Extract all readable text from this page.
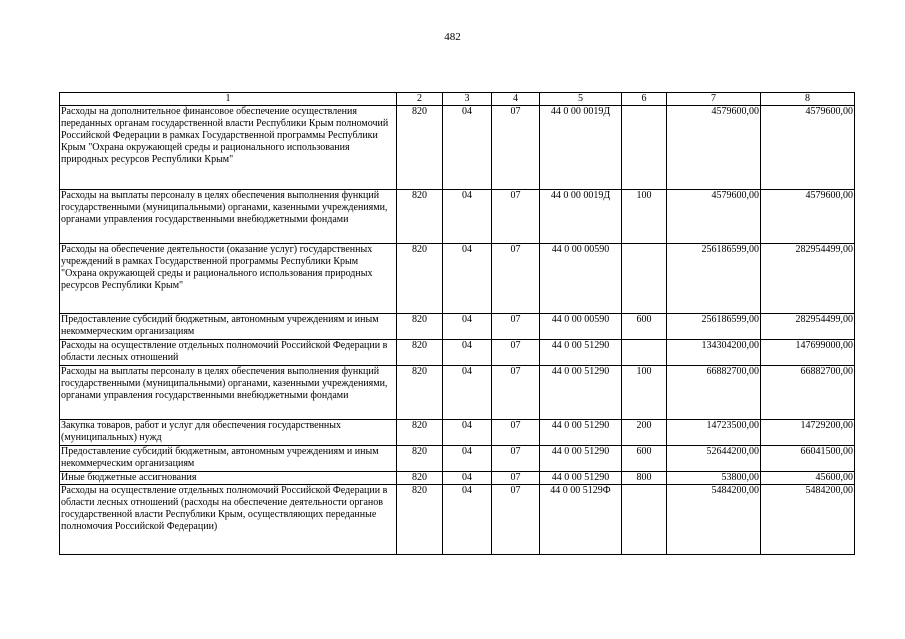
482
1	2	3	4	5	6	7	8
Расходы на дополнительное финансовое обеспечение осуществления переданных органам государственной власти Республики Крым полномочий Российской Федерации в рамках Государственной программы Республики Крым "Охрана окружающей среды и рационального использования природных ресурсов Республики Крым"	820	04	07	44 0 00 0019Д		4579600,00	4579600,00
Расходы на выплаты персоналу в целях обеспечения выполнения функций государственными (муниципальными) органами, казенными учреждениями, органами управления государственными внебюджетными фондами	820	04	07	44 0 00 0019Д	100	4579600,00	4579600,00
Расходы на обеспечение деятельности (оказание услуг) государственных учреждений в рамках Государственной программы Республики Крым "Охрана окружающей среды и рационального использования природных ресурсов Республики Крым"	820	04	07	44 0 00 00590		256186599,00	282954499,00
Предоставление субсидий бюджетным, автономным учреждениям и иным некоммерческим организациям	820	04	07	44 0 00 00590	600	256186599,00	282954499,00
Расходы на осуществление отдельных полномочий Российской Федерации в области лесных отношений	820	04	07	44 0 00 51290		134304200,00	147699000,00
Расходы на выплаты персоналу в целях обеспечения выполнения функций государственными (муниципальными) органами, казенными учреждениями, органами управления государственными внебюджетными фондами	820	04	07	44 0 00 51290	100	66882700,00	66882700,00
Закупка товаров, работ и услуг для обеспечения государственных (муниципальных) нужд	820	04	07	44 0 00 51290	200	14723500,00	14729200,00
Предоставление субсидий бюджетным, автономным учреждениям и иным некоммерческим организациям	820	04	07	44 0 00 51290	600	52644200,00	66041500,00
Иные бюджетные ассигнования	820	04	07	44 0 00 51290	800	53800,00	45600,00
Расходы на осуществление отдельных полномочий Российской Федерации в области лесных отношений (расходы на обеспечение деятельности органов государственной власти Республики Крым, осуществляющих переданные полномочия Российской Федерации)	820	04	07	44 0 00 5129Ф		5484200,00	5484200,00
